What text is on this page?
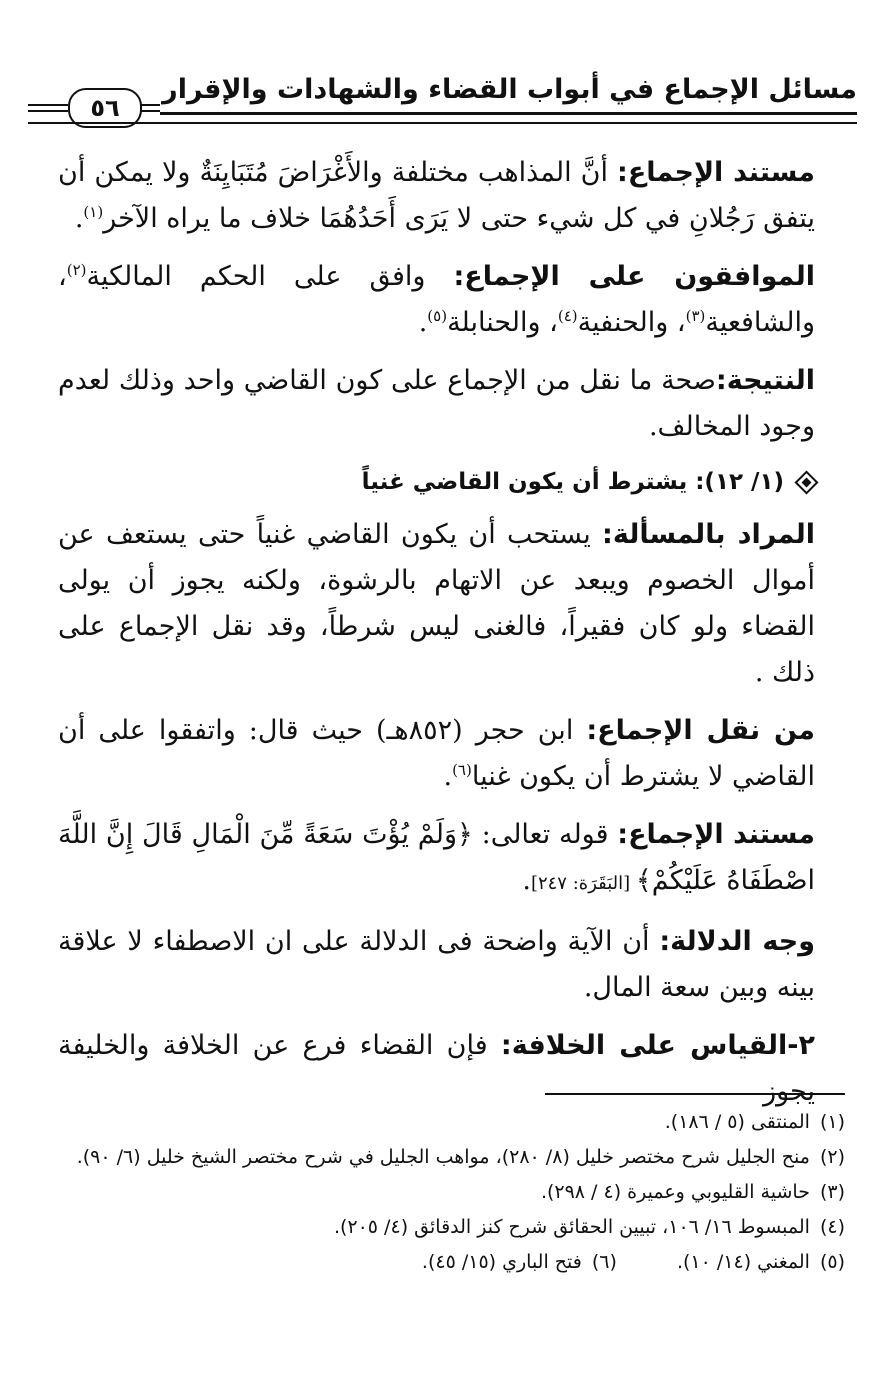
مسائل الإجماع في أبواب القضاء والشهادات والإقرار
٥٦

مستند الإجماع: أنَّ المذاهب مختلفة والأَغْرَاضَ مُتَبَايِنَةٌ ولا يمكن أن يتفق رَجُلانِ في كل شيء حتى لا يَرَى أَحَدُهُمَا خلاف ما يراه الآخر$^{(١)}$.

الموافقون على الإجماع: وافق على الحكم المالكية$^{(٢)}$، والشافعية$^{(٣)}$، والحنفية$^{(٤)}$، والحنابلة$^{(٥)}$.

النتيجة:صحة ما نقل من الإجماع على كون القاضي واحد وذلك لعدم وجود المخالف.

(١/ ١٢):
يشترط أن يكون القاضي غنياً

المراد بالمسألة: يستحب أن يكون القاضي غنياً حتى يستعف عن أموال الخصوم ويبعد عن الاتهام بالرشوة، ولكنه يجوز أن يولى القضاء ولو كان فقيراً، فالغنى ليس شرطاً، وقد نقل الإجماع على ذلك .

من نقل الإجماع: ابن حجر (٨٥٢هـ) حيث قال: واتفقوا على أن القاضي لا يشترط أن يكون غنيا$^{(٦)}$.

مستند الإجماع: قوله تعالى: ﴿وَلَمْ يُؤْتَ سَعَةً مِّنَ الْمَالِ قَالَ إِنَّ اللَّهَ اصْطَفَاهُ عَلَيْكُمْ﴾ [البَقَرَة: ٢٤٧].

وجه الدلالة: أن الآية واضحة فى الدلالة على ان الاصطفاء لا علاقة بينه وبين سعة المال.

٢-القياس على الخلافة: فإن القضاء فرع عن الخلافة والخليفة يجوز

(١)
المنتقى (٥ / ١٨٦).
(٢)
منح الجليل شرح مختصر خليل (٨/ ٢٨٠)، مواهب الجليل في شرح مختصر الشيخ خليل (٦/ ٩٠).
(٣)
حاشية القليوبي وعميرة (٤ / ٢٩٨).
(٤)
المبسوط ١٦/ ١٠٦، تبيين الحقائق شرح كنز الدقائق (٤/ ٢٠٥).
(٥)
المغني (١٤/ ١٠).
(٦)
فتح الباري (١٥/ ٤٥).
